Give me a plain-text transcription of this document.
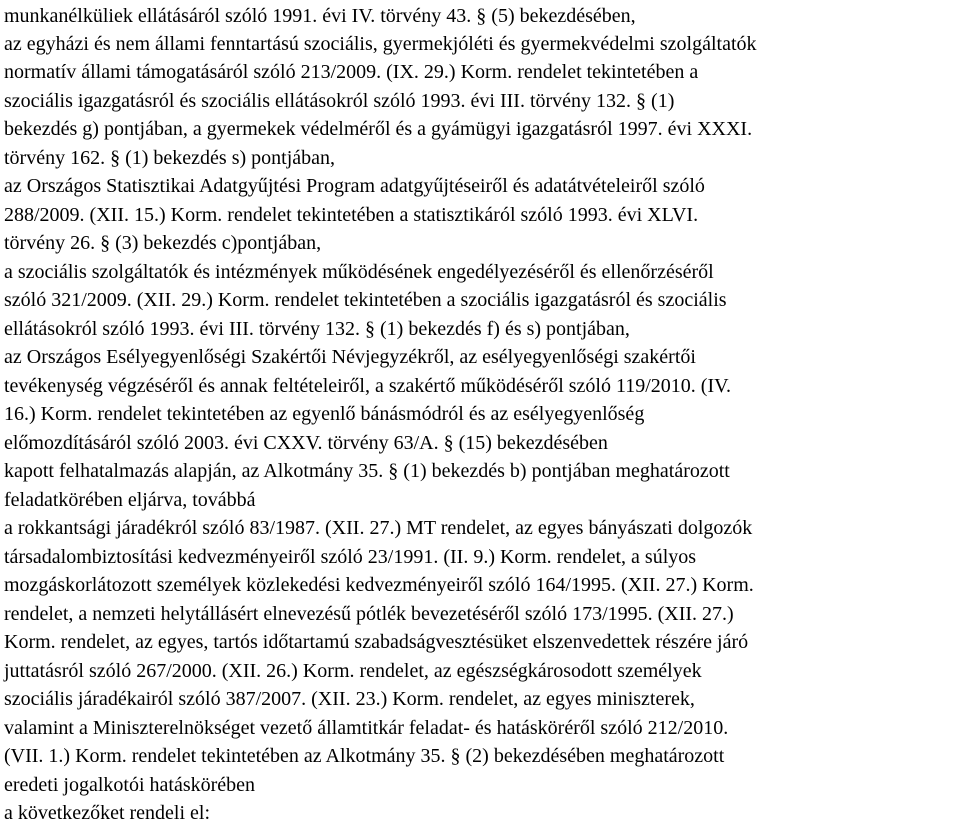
munkanélküliek ellátásáról szóló 1991. évi IV. törvény 43. § (5) bekezdésében,
az egyházi és nem állami fenntartású szociális, gyermekjóléti és gyermekvédelmi szolgáltatók
normatív állami támogatásáról szóló 213/2009. (IX. 29.) Korm. rendelet tekintetében a
szociális igazgatásról és szociális ellátásokról szóló 1993. évi III. törvény 132. § (1)
bekezdés g) pontjában, a gyermekek védelméről és a gyámügyi igazgatásról 1997. évi XXXI.
törvény 162. § (1) bekezdés s) pontjában,
az Országos Statisztikai Adatgyűjtési Program adatgyűjtéseiről és adatátvételeiről szóló
288/2009. (XII. 15.) Korm. rendelet tekintetében a statisztikáról szóló 1993. évi XLVI.
törvény 26. § (3) bekezdés c)pontjában,
a szociális szolgáltatók és intézmények működésének engedélyezéséről és ellenőrzéséről
szóló 321/2009. (XII. 29.) Korm. rendelet tekintetében a szociális igazgatásról és szociális
ellátásokról szóló 1993. évi III. törvény 132. § (1) bekezdés f) és s) pontjában,
az Országos Esélyegyenlőségi Szakértői Névjegyzékről, az esélyegyenlőségi szakértői
tevékenység végzéséről és annak feltételeiről, a szakértő működéséről szóló 119/2010. (IV.
16.) Korm. rendelet tekintetében az egyenlő bánásmódról és az esélyegyenlőség
előmozdításáról szóló 2003. évi CXXV. törvény 63/A. § (15) bekezdésében
kapott felhatalmazás alapján, az Alkotmány 35. § (1) bekezdés b) pontjában meghatározott
feladatkörében eljárva, továbbá
a rokkantsági járadékról szóló 83/1987. (XII. 27.) MT rendelet, az egyes bányászati dolgozók
társadalombiztosítási kedvezményeiről szóló 23/1991. (II. 9.) Korm. rendelet, a súlyos
mozgáskorlátozott személyek közlekedési kedvezményeiről szóló 164/1995. (XII. 27.) Korm.
rendelet, a nemzeti helytállásért elnevezésű pótlék bevezetéséről szóló 173/1995. (XII. 27.)
Korm. rendelet, az egyes, tartós időtartamú szabadságvesztésüket elszenvedettek részére járó
juttatásról szóló 267/2000. (XII. 26.) Korm. rendelet, az egészségkárosodott személyek
szociális járadékairól szóló 387/2007. (XII. 23.) Korm. rendelet, az egyes miniszterek,
valamint a Miniszterelnökséget vezető államtitkár feladat- és hatásköréről szóló 212/2010.
(VII. 1.) Korm. rendelet tekintetében az Alkotmány 35. § (2) bekezdésében meghatározott
eredeti jogalkotói hatáskörében
a következőket rendeli el:
